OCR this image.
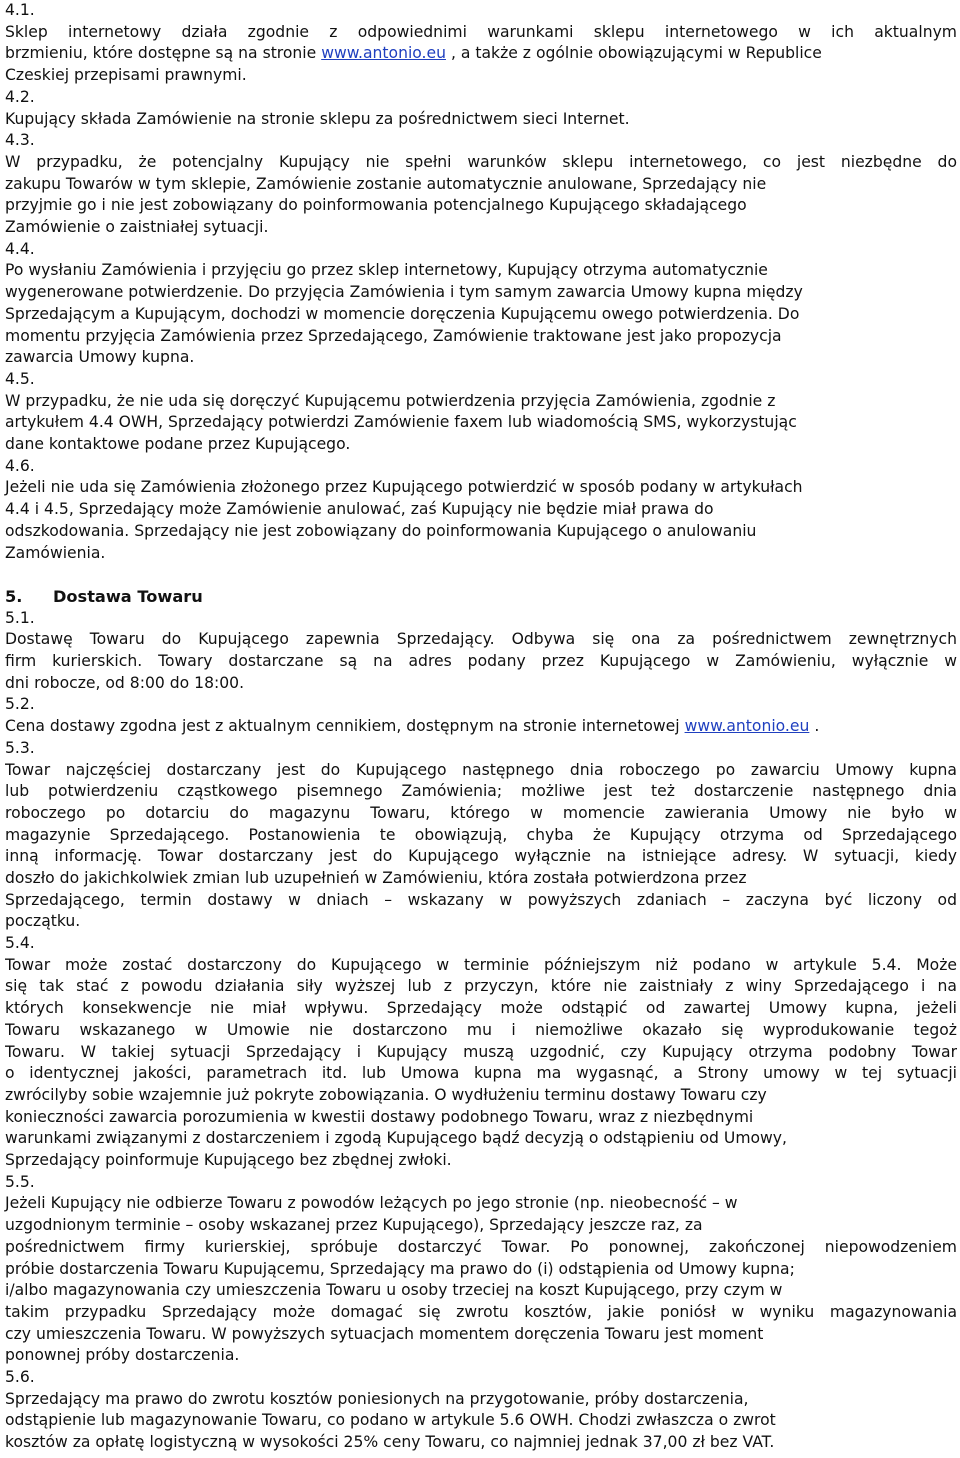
4.1.
Sklep internetowy działa zgodnie z odpowiednimi warunkami sklepu internetowego w ich aktualnym
brzmieniu, które dostępne są na stronie www.antonio.eu , a także z ogólnie obowiązującymi w Republice
Czeskiej przepisami prawnymi.
4.2.
Kupujący składa Zamówienie na stronie sklepu za pośrednictwem sieci Internet.
4.3.
W przypadku, że potencjalny Kupujący nie spełni warunków sklepu internetowego, co jest niezbędne do
zakupu Towarów w tym sklepie, Zamówienie zostanie automatycznie anulowane, Sprzedający nie
przyjmie go i nie jest zobowiązany do poinformowania potencjalnego Kupującego składającego
Zamówienie o zaistniałej sytuacji.
4.4.
Po wysłaniu Zamówienia i przyjęciu go przez sklep internetowy, Kupujący otrzyma automatycznie
wygenerowane potwierdzenie. Do przyjęcia Zamówienia i tym samym zawarcia Umowy kupna między
Sprzedającym a Kupującym, dochodzi w momencie doręczenia Kupującemu owego potwierdzenia. Do
momentu przyjęcia Zamówienia przez Sprzedającego, Zamówienie traktowane jest jako propozycja
zawarcia Umowy kupna.
4.5.
W przypadku, że nie uda się doręczyć Kupującemu potwierdzenia przyjęcia Zamówienia, zgodnie z
artykułem 4.4 OWH, Sprzedający potwierdzi Zamówienie faxem lub wiadomością SMS, wykorzystując
dane kontaktowe podane przez Kupującego.
4.6.
Jeżeli nie uda się Zamówienia złożonego przez Kupującego potwierdzić w sposób podany w artykułach
4.4 i 4.5, Sprzedający może Zamówienie anulować, zaś Kupujący nie będzie miał prawa do
odszkodowania. Sprzedający nie jest zobowiązany do poinformowania Kupującego o anulowaniu
Zamówienia.
5. Dostawa Towaru
5.1.
Dostawę Towaru do Kupującego zapewnia Sprzedający. Odbywa się ona za pośrednictwem zewnętrznych
firm kurierskich. Towary dostarczane są na adres podany przez Kupującego w Zamówieniu, wyłącznie w
dni robocze, od 8:00 do 18:00.
5.2.
Cena dostawy zgodna jest z aktualnym cennikiem, dostępnym na stronie internetowej www.antonio.eu .
5.3.
Towar najczęściej dostarczany jest do Kupującego następnego dnia roboczego po zawarciu Umowy kupna
lub potwierdzeniu cząstkowego pisemnego Zamówienia; możliwe jest też dostarczenie następnego dnia
roboczego po dotarciu do magazynu Towaru, którego w momencie zawierania Umowy nie było w
magazynie Sprzedającego. Postanowienia te obowiązują, chyba że Kupujący otrzyma od Sprzedającego
inną informację. Towar dostarczany jest do Kupującego wyłącznie na istniejące adresy. W sytuacji, kiedy
doszło do jakichkolwiek zmian lub uzupełnień w Zamówieniu, która została potwierdzona przez
Sprzedającego, termin dostawy w dniach – wskazany w powyższych zdaniach – zaczyna być liczony od
początku.
5.4.
Towar może zostać dostarczony do Kupującego w terminie późniejszym niż podano w artykule 5.4. Może
się tak stać z powodu działania siły wyższej lub z przyczyn, które nie zaistniały z winy Sprzedającego i na
których konsekwencje nie miał wpływu. Sprzedający może odstąpić od zawartej Umowy kupna, jeżeli
Towaru wskazanego w Umowie nie dostarczono mu i niemożliwe okazało się wyprodukowanie tegoż
Towaru. W takiej sytuacji Sprzedający i Kupujący muszą uzgodnić, czy Kupujący otrzyma podobny Towar
o identycznej jakości, parametrach itd. lub Umowa kupna ma wygasnąć, a Strony umowy w tej sytuacji
zwrócilyby sobie wzajemnie już pokryte zobowiązania. O wydłużeniu terminu dostawy Towaru czy
konieczności zawarcia porozumienia w kwestii dostawy podobnego Towaru, wraz z niezbędnymi
warunkami związanymi z dostarczeniem i zgodą Kupującego bądź decyzją o odstąpieniu od Umowy,
Sprzedający poinformuje Kupującego bez zbędnej zwłoki.
5.5.
Jeżeli Kupujący nie odbierze Towaru z powodów leżących po jego stronie (np. nieobecność – w
uzgodnionym terminie – osoby wskazanej przez Kupującego), Sprzedający jeszcze raz, za
pośrednictwem firmy kurierskiej, spróbuje dostarczyć Towar. Po ponownej, zakończonej niepowodzeniem
próbie dostarczenia Towaru Kupującemu, Sprzedający ma prawo do (i) odstąpienia od Umowy kupna;
i/albo magazynowania czy umieszczenia Towaru u osoby trzeciej na koszt Kupującego, przy czym w
takim przypadku Sprzedający może domagać się zwrotu kosztów, jakie poniósł w wyniku magazynowania
czy umieszczenia Towaru. W powyższych sytuacjach momentem doręczenia Towaru jest moment
ponownej próby dostarczenia.
5.6.
Sprzedający ma prawo do zwrotu kosztów poniesionych na przygotowanie, próby dostarczenia,
odstąpienie lub magazynowanie Towaru, co podano w artykule 5.6 OWH. Chodzi zwłaszcza o zwrot
kosztów za opłatę logistyczną w wysokości 25% ceny Towaru, co najmniej jednak 37,00 zł bez VAT.
